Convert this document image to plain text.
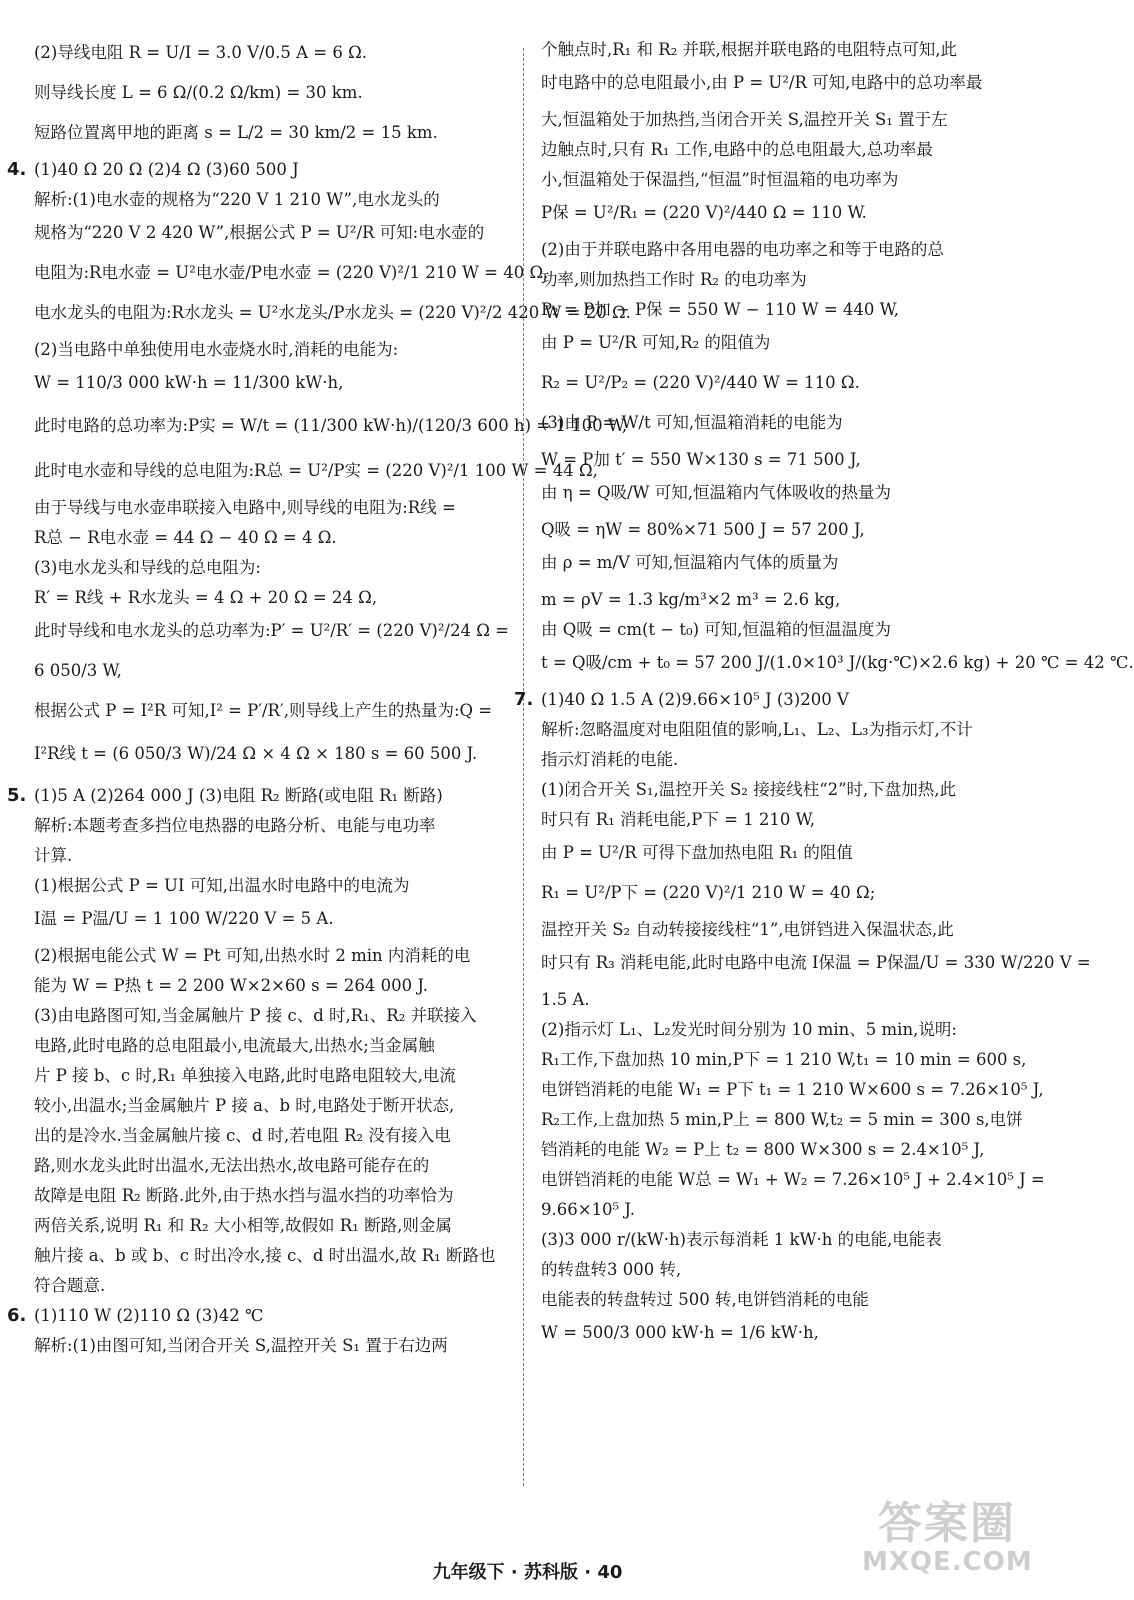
(2)导线电阻 R = U/I = 3.0 V/0.5 A = 6 Ω.
则导线长度 L = 6 Ω/(0.2 Ω/km) = 30 km.
短路位置离甲地的距离 s = L/2 = 30 km/2 = 15 km.
4. (1)40 Ω 20 Ω (2)4 Ω (3)60 500 J
解析:(1)电水壶的规格为“220 V 1 210 W”,电水龙头的
规格为“220 V 2 420 W”,根据公式 P = U²/R 可知:电水壶的
电阻为:R电水壶 = U²电水壶/P电水壶 = (220 V)²/1 210 W = 40 Ω,
电水龙头的电阻为:R水龙头 = U²水龙头/P水龙头 = (220 V)²/2 420 W = 20 Ω.
(2)当电路中单独使用电水壶烧水时,消耗的电能为:
W = 110/3 000 kW·h = 11/300 kW·h,
此时电路的总功率为:P实 = W/t = (11/300 kW·h)/(120/3 600 h) = 1 100 W,
此时电水壶和导线的总电阻为:R总 = U²/P实 = (220 V)²/1 100 W = 44 Ω,
由于导线与电水壶串联接入电路中,则导线的电阻为:R线 =
R总 − R电水壶 = 44 Ω − 40 Ω = 4 Ω.
(3)电水龙头和导线的总电阻为:
R′ = R线 + R水龙头 = 4 Ω + 20 Ω = 24 Ω,
此时导线和电水龙头的总功率为:P′ = U²/R′ = (220 V)²/24 Ω =
6 050/3 W,
根据公式 P = I²R 可知,I² = P′/R′,则导线上产生的热量为:Q =
I²R线 t = (6 050/3 W)/24 Ω × 4 Ω × 180 s = 60 500 J.
5. (1)5 A (2)264 000 J (3)电阻 R₂ 断路(或电阻 R₁ 断路)
解析:本题考查多挡位电热器的电路分析、电能与电功率
计算.
(1)根据公式 P = UI 可知,出温水时电路中的电流为
I温 = P温/U = 1 100 W/220 V = 5 A.
(2)根据电能公式 W = Pt 可知,出热水时 2 min 内消耗的电
能为 W = P热 t = 2 200 W×2×60 s = 264 000 J.
(3)由电路图可知,当金属触片 P 接 c、d 时,R₁、R₂ 并联接入
电路,此时电路的总电阻最小,电流最大,出热水;当金属触
片 P 接 b、c 时,R₁ 单独接入电路,此时电路电阻较大,电流
较小,出温水;当金属触片 P 接 a、b 时,电路处于断开状态,
出的是冷水.当金属触片接 c、d 时,若电阻 R₂ 没有接入电
路,则水龙头此时出温水,无法出热水,故电路可能存在的
故障是电阻 R₂ 断路.此外,由于热水挡与温水挡的功率恰为
两倍关系,说明 R₁ 和 R₂ 大小相等,故假如 R₁ 断路,则金属
触片接 a、b 或 b、c 时出冷水,接 c、d 时出温水,故 R₁ 断路也
符合题意.
6. (1)110 W (2)110 Ω (3)42 ℃
解析:(1)由图可知,当闭合开关 S,温控开关 S₁ 置于右边两
个触点时,R₁ 和 R₂ 并联,根据并联电路的电阻特点可知,此
时电路中的总电阻最小,由 P = U²/R 可知,电路中的总功率最
大,恒温箱处于加热挡,当闭合开关 S,温控开关 S₁ 置于左
边触点时,只有 R₁ 工作,电路中的总电阻最大,总功率最
小,恒温箱处于保温挡,“恒温”时恒温箱的电功率为
P保 = U²/R₁ = (220 V)²/440 Ω = 110 W.
(2)由于并联电路中各用电器的电功率之和等于电路的总
功率,则加热挡工作时 R₂ 的电功率为
P₂ = P加 − P保 = 550 W − 110 W = 440 W,
由 P = U²/R 可知,R₂ 的阻值为
R₂ = U²/P₂ = (220 V)²/440 W = 110 Ω.
(3)由 P = W/t 可知,恒温箱消耗的电能为
W = P加 t′ = 550 W×130 s = 71 500 J,
由 η = Q吸/W 可知,恒温箱内气体吸收的热量为
Q吸 = ηW = 80%×71 500 J = 57 200 J,
由 ρ = m/V 可知,恒温箱内气体的质量为
m = ρV = 1.3 kg/m³×2 m³ = 2.6 kg,
由 Q吸 = cm(t − t₀) 可知,恒温箱的恒温温度为
t = Q吸/cm + t₀ = 57 200 J/(1.0×10³ J/(kg·℃)×2.6 kg) + 20 ℃ = 42 ℃.
7. (1)40 Ω 1.5 A (2)9.66×10⁵ J (3)200 V
解析:忽略温度对电阻阻值的影响,L₁、L₂、L₃为指示灯,不计
指示灯消耗的电能.
(1)闭合开关 S₁,温控开关 S₂ 接接线柱“2”时,下盘加热,此
时只有 R₁ 消耗电能,P下 = 1 210 W,
由 P = U²/R 可得下盘加热电阻 R₁ 的阻值
R₁ = U²/P下 = (220 V)²/1 210 W = 40 Ω;
温控开关 S₂ 自动转接接线柱“1”,电饼铛进入保温状态,此
时只有 R₃ 消耗电能,此时电路中电流 I保温 = P保温/U = 330 W/220 V =
1.5 A.
(2)指示灯 L₁、L₂发光时间分别为 10 min、5 min,说明:
R₁工作,下盘加热 10 min,P下 = 1 210 W,t₁ = 10 min = 600 s,
电饼铛消耗的电能 W₁ = P下 t₁ = 1 210 W×600 s = 7.26×10⁵ J,
R₂工作,上盘加热 5 min,P上 = 800 W,t₂ = 5 min = 300 s,电饼
铛消耗的电能 W₂ = P上 t₂ = 800 W×300 s = 2.4×10⁵ J,
电饼铛消耗的电能 W总 = W₁ + W₂ = 7.26×10⁵ J + 2.4×10⁵ J =
9.66×10⁵ J.
(3)3 000 r/(kW·h)表示每消耗 1 kW·h 的电能,电能表
的转盘转3 000 转,
电能表的转盘转过 500 转,电饼铛消耗的电能
W = 500/3 000 kW·h = 1/6 kW·h,
九年级下 · 苏科版 · 40
答案圈
MXQE.COM
